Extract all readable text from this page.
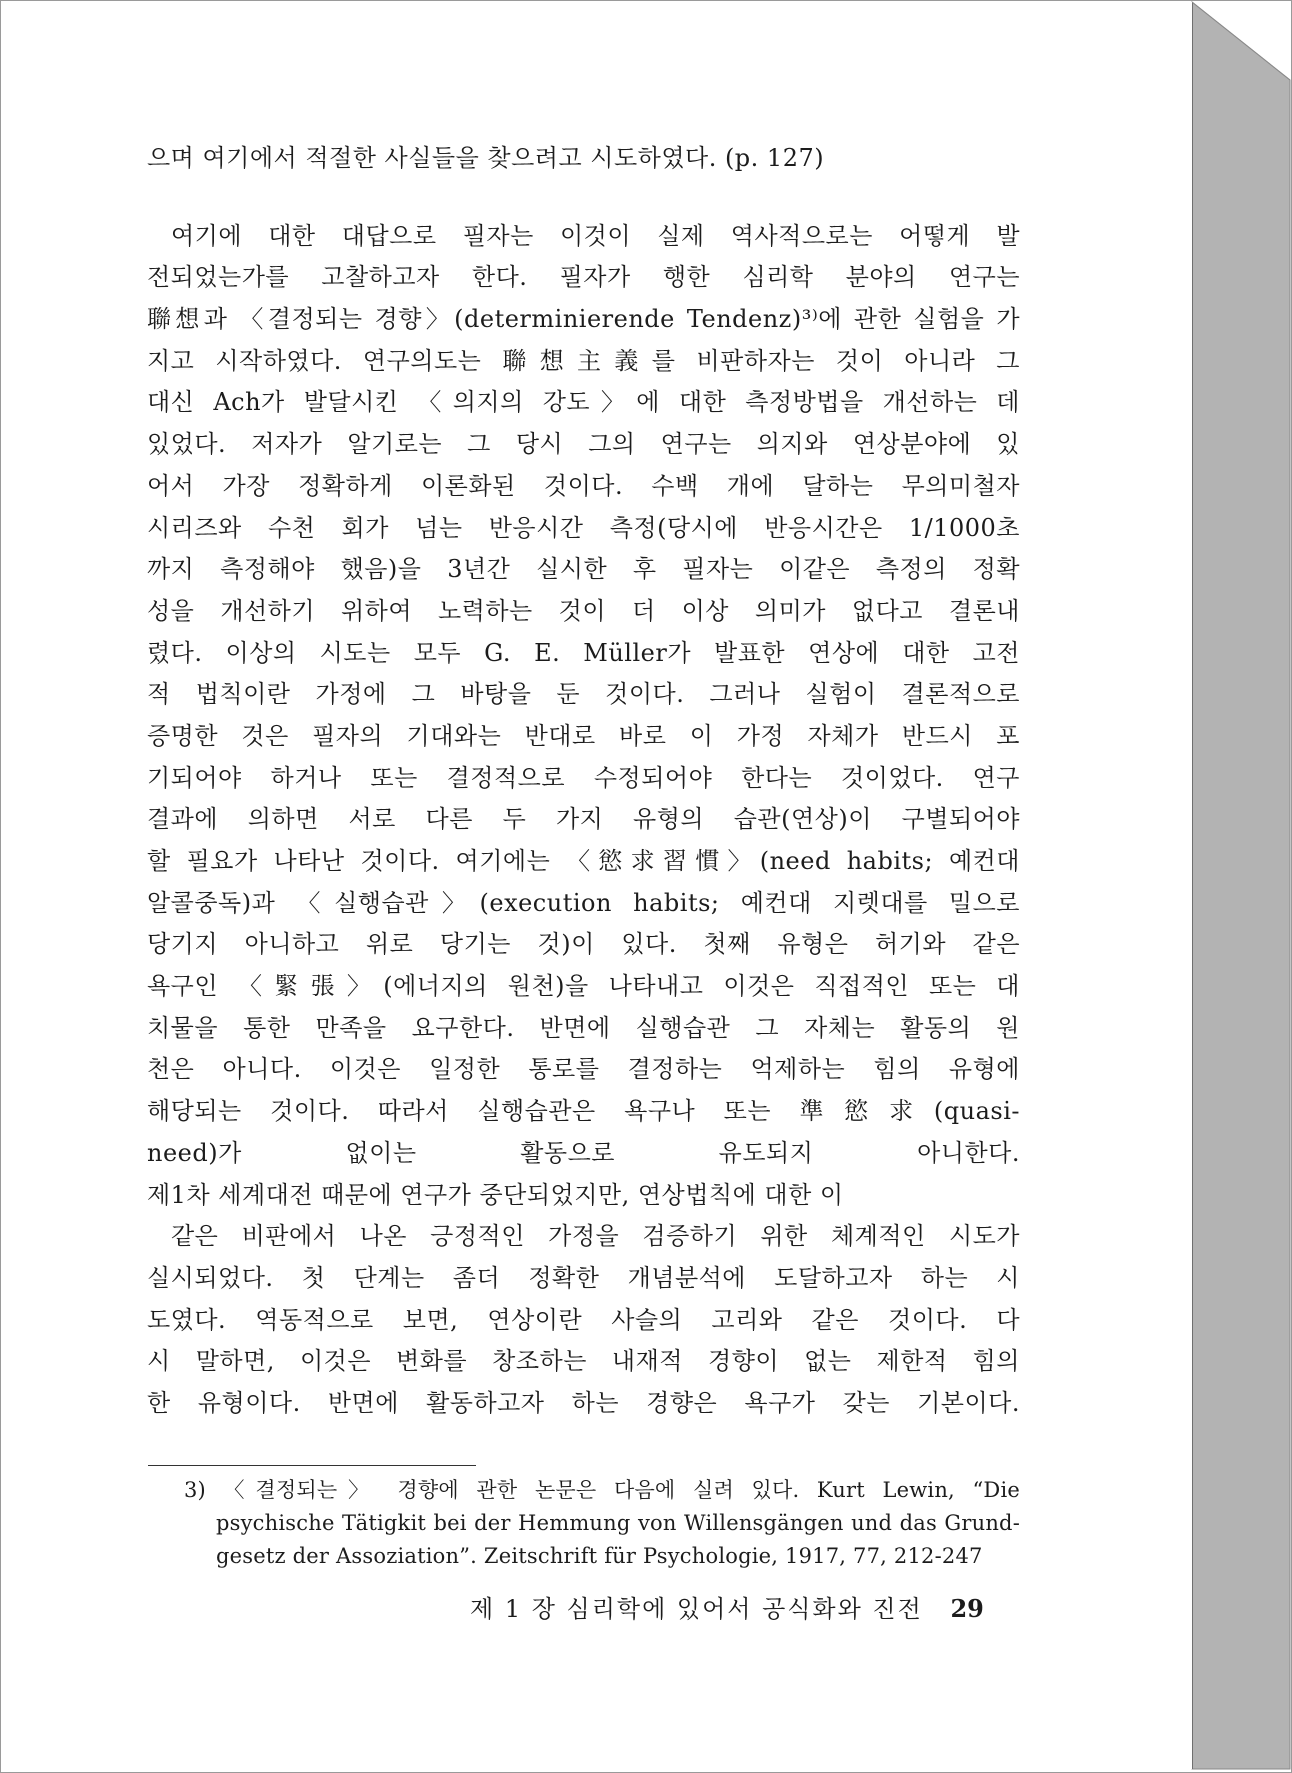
으며 여기에서 적절한 사실들을 찾으려고 시도하였다. (p. 127)
여기에 대한 대답으로 필자는 이것이 실제 역사적으로는 어떻게 발
전되었는가를 고찰하고자 한다. 필자가 행한 심리학 분야의 연구는
聯想과 〈결정되는 경향〉(determinierende Tendenz)³⁾에 관한 실험을 가
지고 시작하였다. 연구의도는 聯想主義를 비판하자는 것이 아니라 그
대신 Ach가 발달시킨 〈의지의 강도〉에 대한 측정방법을 개선하는 데
있었다. 저자가 알기로는 그 당시 그의 연구는 의지와 연상분야에 있
어서 가장 정확하게 이론화된 것이다. 수백 개에 달하는 무의미철자
시리즈와 수천 회가 넘는 반응시간 측정(당시에 반응시간은 1/1000초
까지 측정해야 했음)을 3년간 실시한 후 필자는 이같은 측정의 정확
성을 개선하기 위하여 노력하는 것이 더 이상 의미가 없다고 결론내
렸다. 이상의 시도는 모두 G. E. Müller가 발표한 연상에 대한 고전
적 법칙이란 가정에 그 바탕을 둔 것이다. 그러나 실험이 결론적으로
증명한 것은 필자의 기대와는 반대로 바로 이 가정 자체가 반드시 포
기되어야 하거나 또는 결정적으로 수정되어야 한다는 것이었다. 연구
결과에 의하면 서로 다른 두 가지 유형의 습관(연상)이 구별되어야
할 필요가 나타난 것이다. 여기에는 〈慾求習慣〉(need habits; 예컨대
알콜중독)과 〈실행습관〉(execution habits; 예컨대 지렛대를 밀으로
당기지 아니하고 위로 당기는 것)이 있다. 첫째 유형은 허기와 같은
욕구인 〈緊張〉(에너지의 원천)을 나타내고 이것은 직접적인 또는 대
치물을 통한 만족을 요구한다. 반면에 실행습관 그 자체는 활동의 원
천은 아니다. 이것은 일정한 통로를 결정하는 억제하는 힘의 유형에
해당되는 것이다. 따라서 실행습관은 욕구나 또는 準慾求(quasi-
need)가 없이는 활동으로 유도되지 아니한다.
제1차 세계대전 때문에 연구가 중단되었지만, 연상법칙에 대한 이
같은 비판에서 나온 긍정적인 가정을 검증하기 위한 체계적인 시도가
실시되었다. 첫 단계는 좀더 정확한 개념분석에 도달하고자 하는 시
도였다. 역동적으로 보면, 연상이란 사슬의 고리와 같은 것이다. 다
시 말하면, 이것은 변화를 창조하는 내재적 경향이 없는 제한적 힘의
한 유형이다. 반면에 활동하고자 하는 경향은 욕구가 갖는 기본이다.
3) 〈결정되는〉 경향에 관한 논문은 다음에 실려 있다. Kurt Lewin, “Die
psychische Tätigkit bei der Hemmung von Willensgängen und das Grund-
gesetz der Assoziation”. Zeitschrift für Psychologie, 1917, 77, 212-247
제 1 장 심리학에 있어서 공식화와 진전 29
